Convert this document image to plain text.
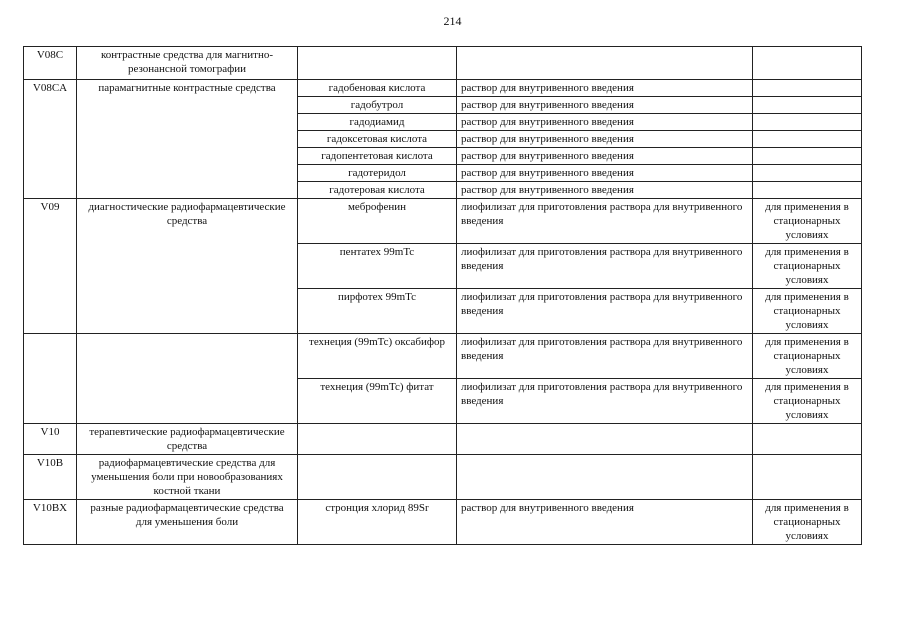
214
V08C	контрастные средства для магнитно-резонансной томографии			
V08CA	парамагнитные контрастные средства	гадобеновая кислота	раствор для внутривенного введения	
		гадобутрол	раствор для внутривенного введения	
		гадодиамид	раствор для внутривенного введения	
		гадоксетовая кислота	раствор для внутривенного введения	
		гадопентетовая кислота	раствор для внутривенного введения	
		гадотеридол	раствор для внутривенного введения	
		гадотеровая кислота	раствор для внутривенного введения	
V09	диагностические радиофармацевтические средства	меброфенин	лиофилизат для приготовления раствора для внутривенного введения	для применения в стационарных условиях
		пентатех 99mTc	лиофилизат для приготовления раствора для внутривенного введения	для применения в стационарных условиях
		пирфотех 99mTc	лиофилизат для приготовления раствора для внутривенного введения	для применения в стационарных условиях
		технеция (99mTc) оксабифор	лиофилизат для приготовления раствора для внутривенного введения	для применения в стационарных условиях
		технеция (99mTc) фитат	лиофилизат для приготовления раствора для внутривенного введения	для применения в стационарных условиях
V10	терапевтические радиофармацевтические средства			
V10B	радиофармацевтические средства для уменьшения боли при новообразованиях костной ткани			
V10BX	разные радиофармацевтические средства для уменьшения боли	стронция хлорид 89Sr	раствор для внутривенного введения	для применения в стационарных условиях
